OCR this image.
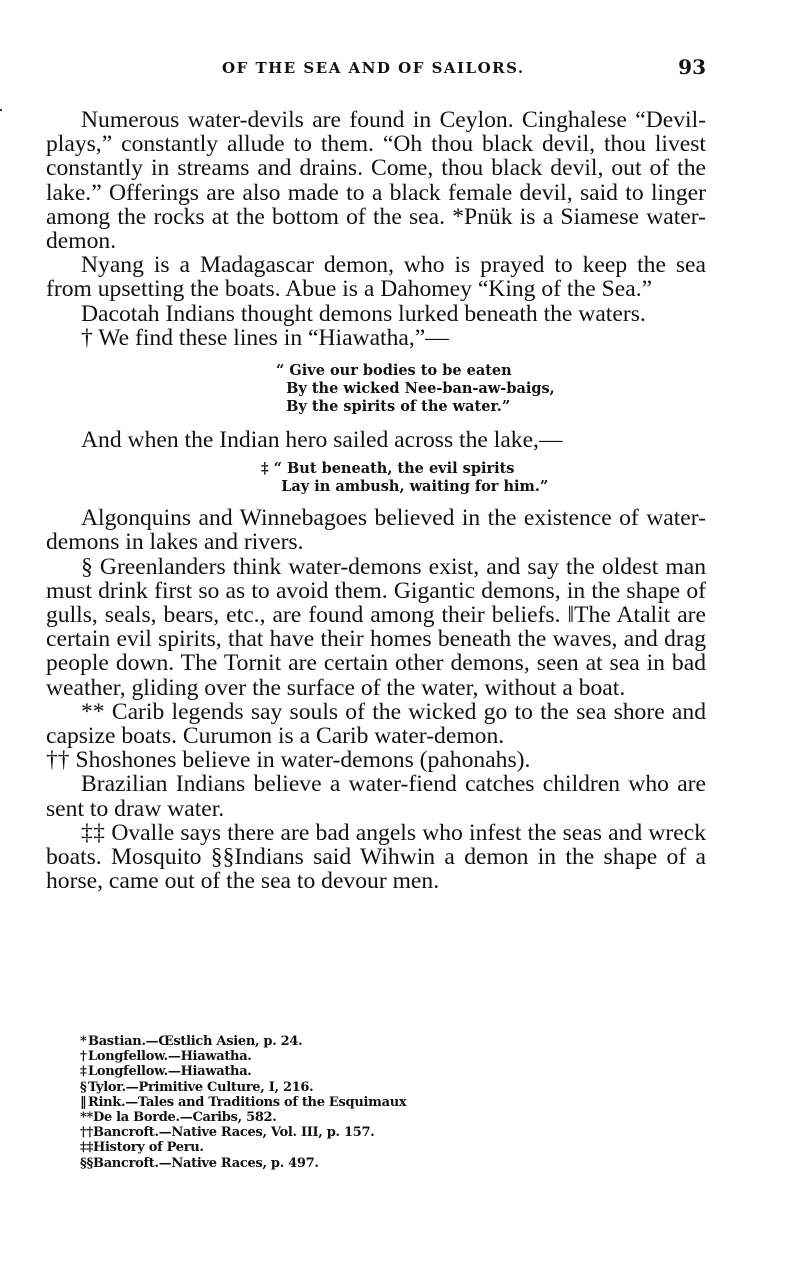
OF THE SEA AND OF SAILORS.	93

Numerous water-devils are found in Ceylon. Cinghalese “Devil-plays,” constantly allude to them. “Oh thou black devil, thou livest constantly in streams and drains. Come, thou black devil, out of the lake.” Offerings are also made to a black female devil, said to linger among the rocks at the bottom of the sea. *Pnük is a Siamese water-demon.

Nyang is a Madagascar demon, who is prayed to keep the sea from upsetting the boats. Abue is a Dahomey “King of the Sea.”

Dacotah Indians thought demons lurked beneath the waters.

† We find these lines in “Hiawatha,”—

“ Give our bodies to be eaten
By the wicked Nee-ban-aw-baigs,
By the spirits of the water.”

And when the Indian hero sailed across the lake,—

‡ “ But beneath, the evil spirits
Lay in ambush, waiting for him.”

Algonquins and Winnebagoes believed in the existence of water-demons in lakes and rivers.

§ Greenlanders think water-demons exist, and say the oldest man must drink first so as to avoid them. Gigantic demons, in the shape of gulls, seals, bears, etc., are found among their beliefs. ‖The Atalit are certain evil spirits, that have their homes beneath the waves, and drag people down. The Tornit are certain other demons, seen at sea in bad weather, gliding over the surface of the water, without a boat.

** Carib legends say souls of the wicked go to the sea shore and capsize boats. Curumon is a Carib water-demon.

†† Shoshones believe in water-demons (pahonahs).

Brazilian Indians believe a water-fiend catches children who are sent to draw water.

‡‡ Ovalle says there are bad angels who infest the seas and wreck boats. Mosquito §§Indians said Wihwin a demon in the shape of a horse, came out of the sea to devour men.

* Bastian.—Œstlich Asien, p. 24.
† Longfellow.—Hiawatha.
‡ Longfellow.—Hiawatha.
§ Tylor.—Primitive Culture, I, 216.
‖ Rink.—Tales and Traditions of the Esquimaux
**De la Borde.—Caribs, 582.
††Bancroft.—Native Races, Vol. III, p. 157.
‡‡History of Peru.
§§Bancroft.—Native Races, p. 497.
